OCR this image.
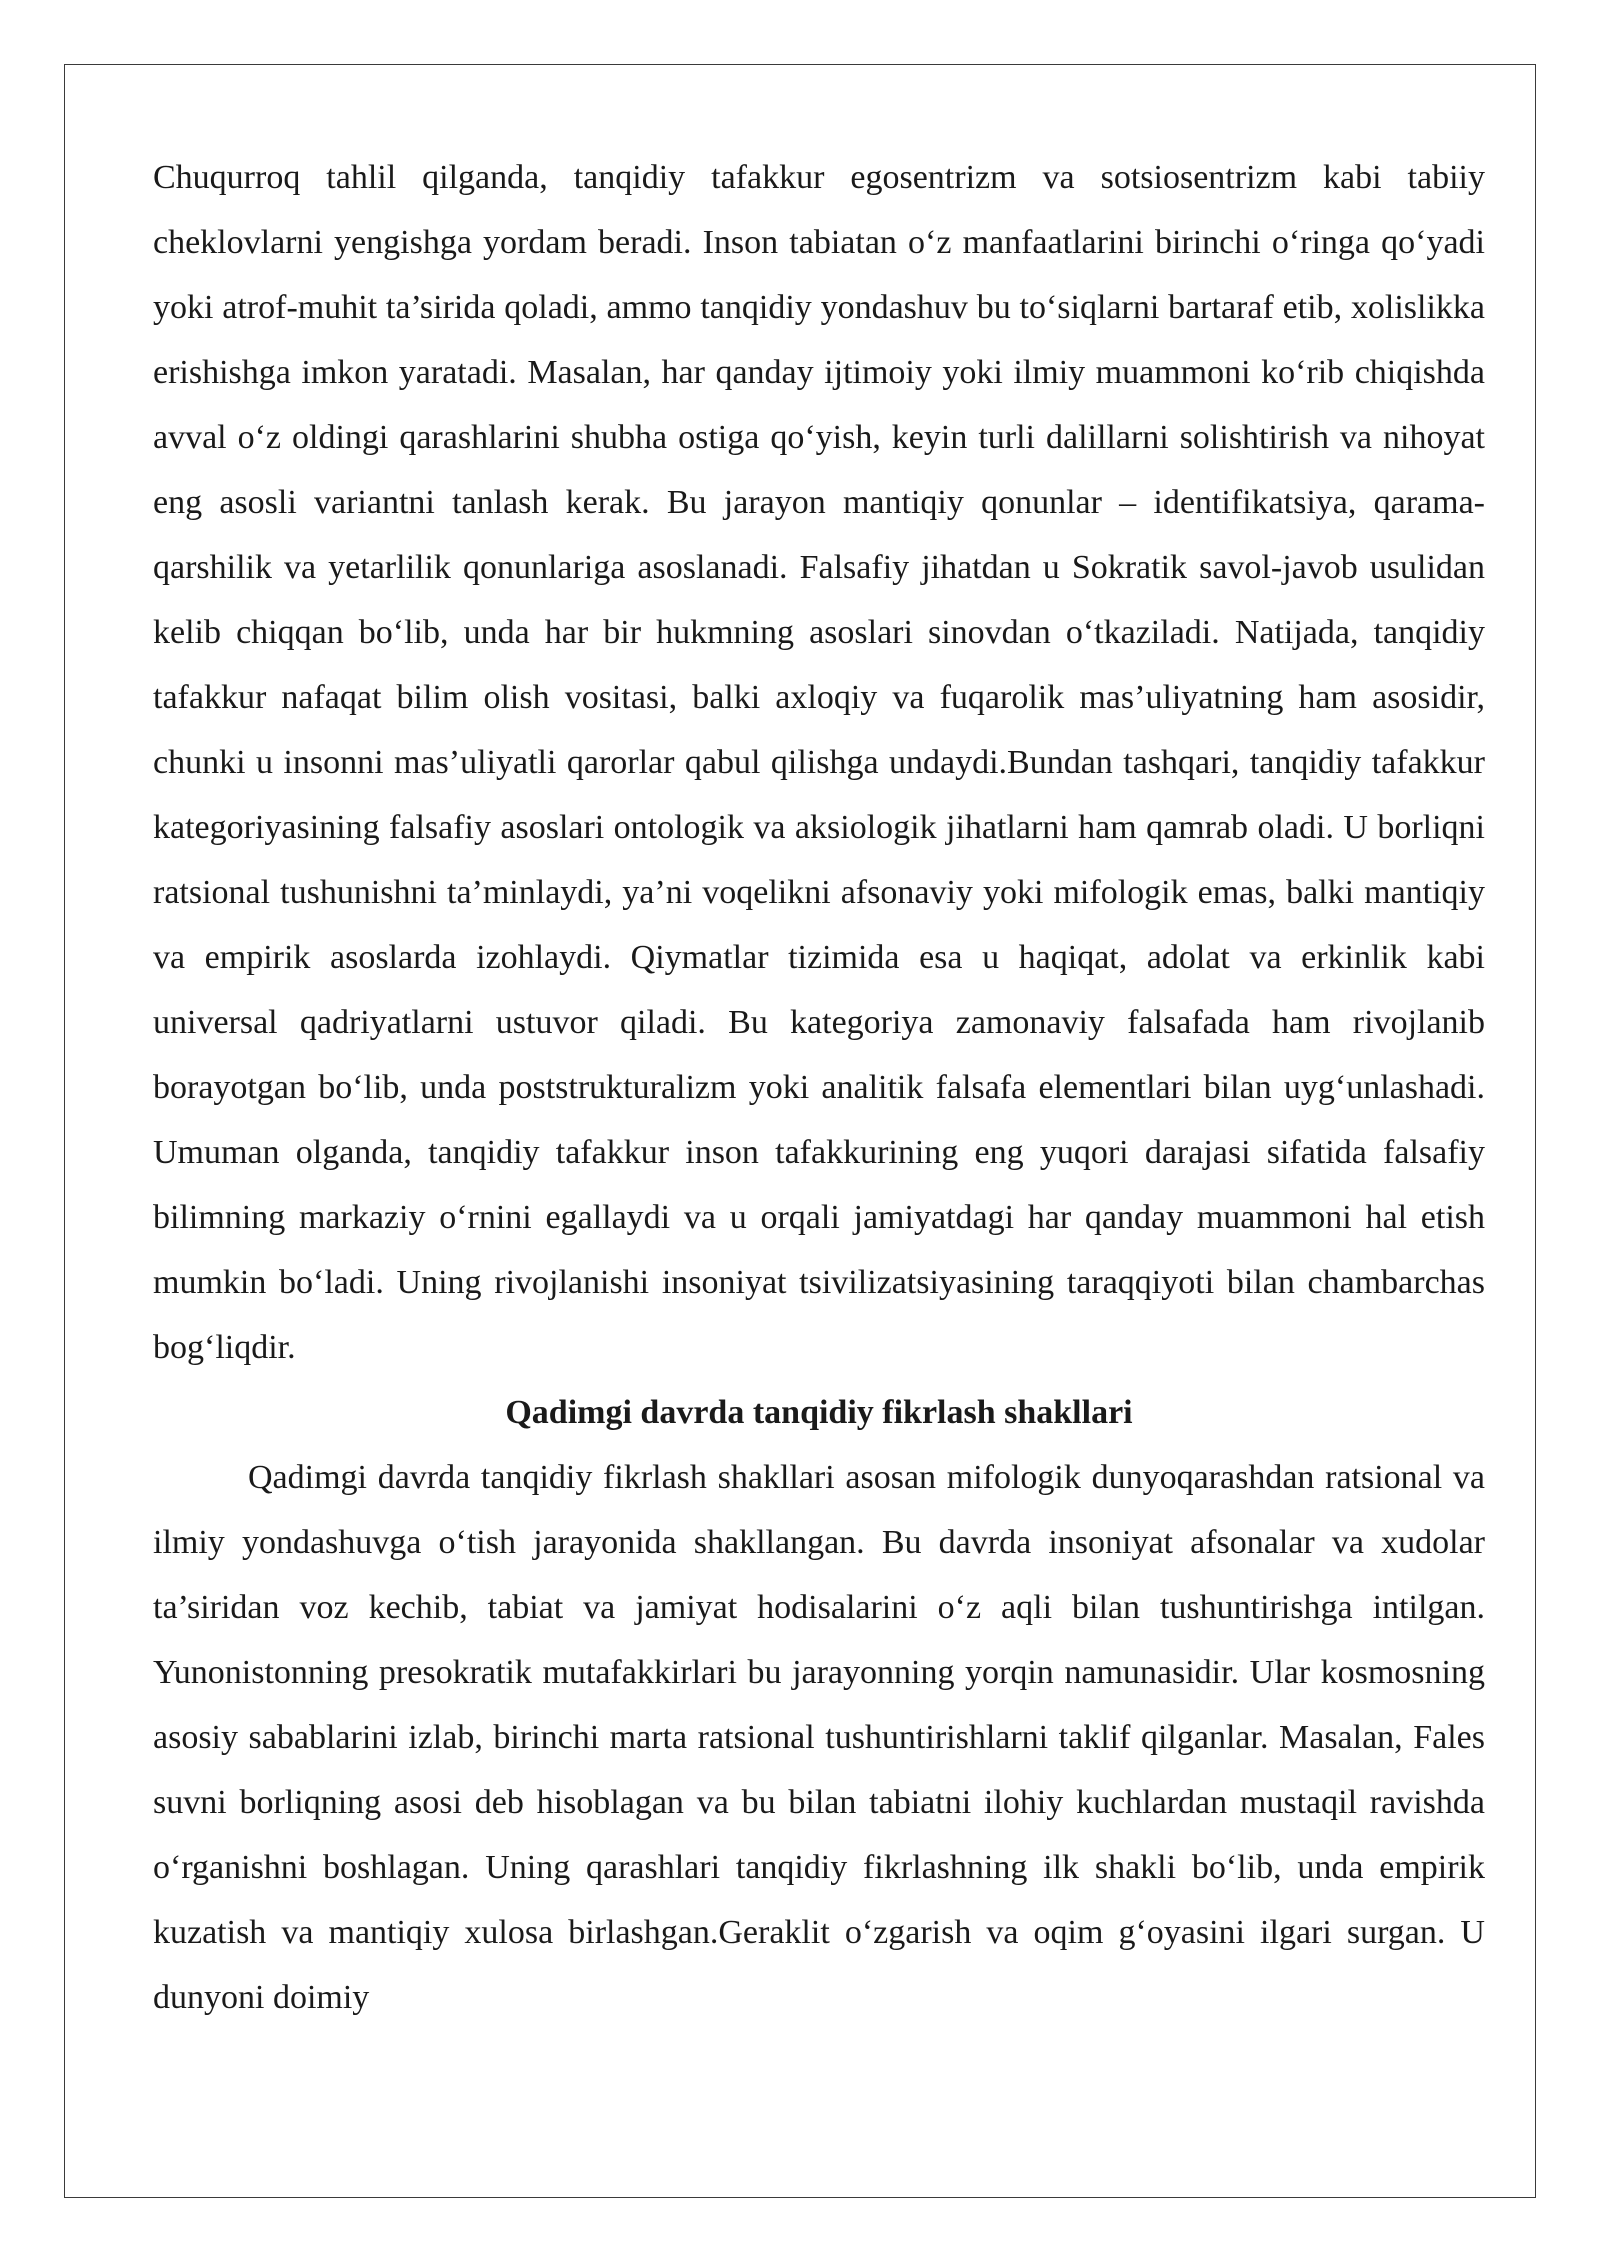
Chuqurroq tahlil qilganda, tanqidiy tafakkur egosentrizm va sotsiosentrizm kabi tabiiy cheklovlarni yengishga yordam beradi. Inson tabiatan o‘z manfaatlarini birinchi o‘ringa qo‘yadi yoki atrof-muhit ta’sirida qoladi, ammo tanqidiy yondashuv bu to‘siqlarni bartaraf etib, xolislikka erishishga imkon yaratadi. Masalan, har qanday ijtimoiy yoki ilmiy muammoni ko‘rib chiqishda avval o‘z oldingi qarashlarini shubha ostiga qo‘yish, keyin turli dalillarni solishtirish va nihoyat eng asosli variantni tanlash kerak. Bu jarayon mantiqiy qonunlar – identifikatsiya, qarama-qarshilik va yetarlilik qonunlariga asoslanadi. Falsafiy jihatdan u Sokratik savol-javob usulidan kelib chiqqan bo‘lib, unda har bir hukmning asoslari sinovdan o‘tkaziladi. Natijada, tanqidiy tafakkur nafaqat bilim olish vositasi, balki axloqiy va fuqarolik mas’uliyatning ham asosidir, chunki u insonni mas’uliyatli qarorlar qabul qilishga undaydi.Bundan tashqari, tanqidiy tafakkur kategoriyasining falsafiy asoslari ontologik va aksiologik jihatlarni ham qamrab oladi. U borliqni ratsional tushunishni ta’minlaydi, ya’ni voqelikni afsonaviy yoki mifologik emas, balki mantiqiy va empirik asoslarda izohlaydi. Qiymatlar tizimida esa u haqiqat, adolat va erkinlik kabi universal qadriyatlarni ustuvor qiladi. Bu kategoriya zamonaviy falsafada ham rivojlanib borayotgan bo‘lib, unda poststrukturalizm yoki analitik falsafa elementlari bilan uyg‘unlashadi. Umuman olganda, tanqidiy tafakkur inson tafakkurining eng yuqori darajasi sifatida falsafiy bilimning markaziy o‘rnini egallaydi va u orqali jamiyatdagi har qanday muammoni hal etish mumkin bo‘ladi. Uning rivojlanishi insoniyat tsivilizatsiyasining taraqqiyoti bilan chambarchas bog‘liqdir.

Qadimgi davrda tanqidiy fikrlash shakllari

Qadimgi davrda tanqidiy fikrlash shakllari asosan mifologik dunyoqarashdan ratsional va ilmiy yondashuvga o‘tish jarayonida shakllangan. Bu davrda insoniyat afsonalar va xudolar ta’siridan voz kechib, tabiat va jamiyat hodisalarini o‘z aqli bilan tushuntirishga intilgan. Yunonistonning presokratik mutafakkirlari bu jarayonning yorqin namunasidir. Ular kosmosning asosiy sabablarini izlab, birinchi marta ratsional tushuntirishlarni taklif qilganlar. Masalan, Fales suvni borliqning asosi deb hisoblagan va bu bilan tabiatni ilohiy kuchlardan mustaqil ravishda o‘rganishni boshlagan. Uning qarashlari tanqidiy fikrlashning ilk shakli bo‘lib, unda empirik kuzatish va mantiqiy xulosa birlashgan.Geraklit o‘zgarish va oqim g‘oyasini ilgari surgan. U dunyoni doimiy
